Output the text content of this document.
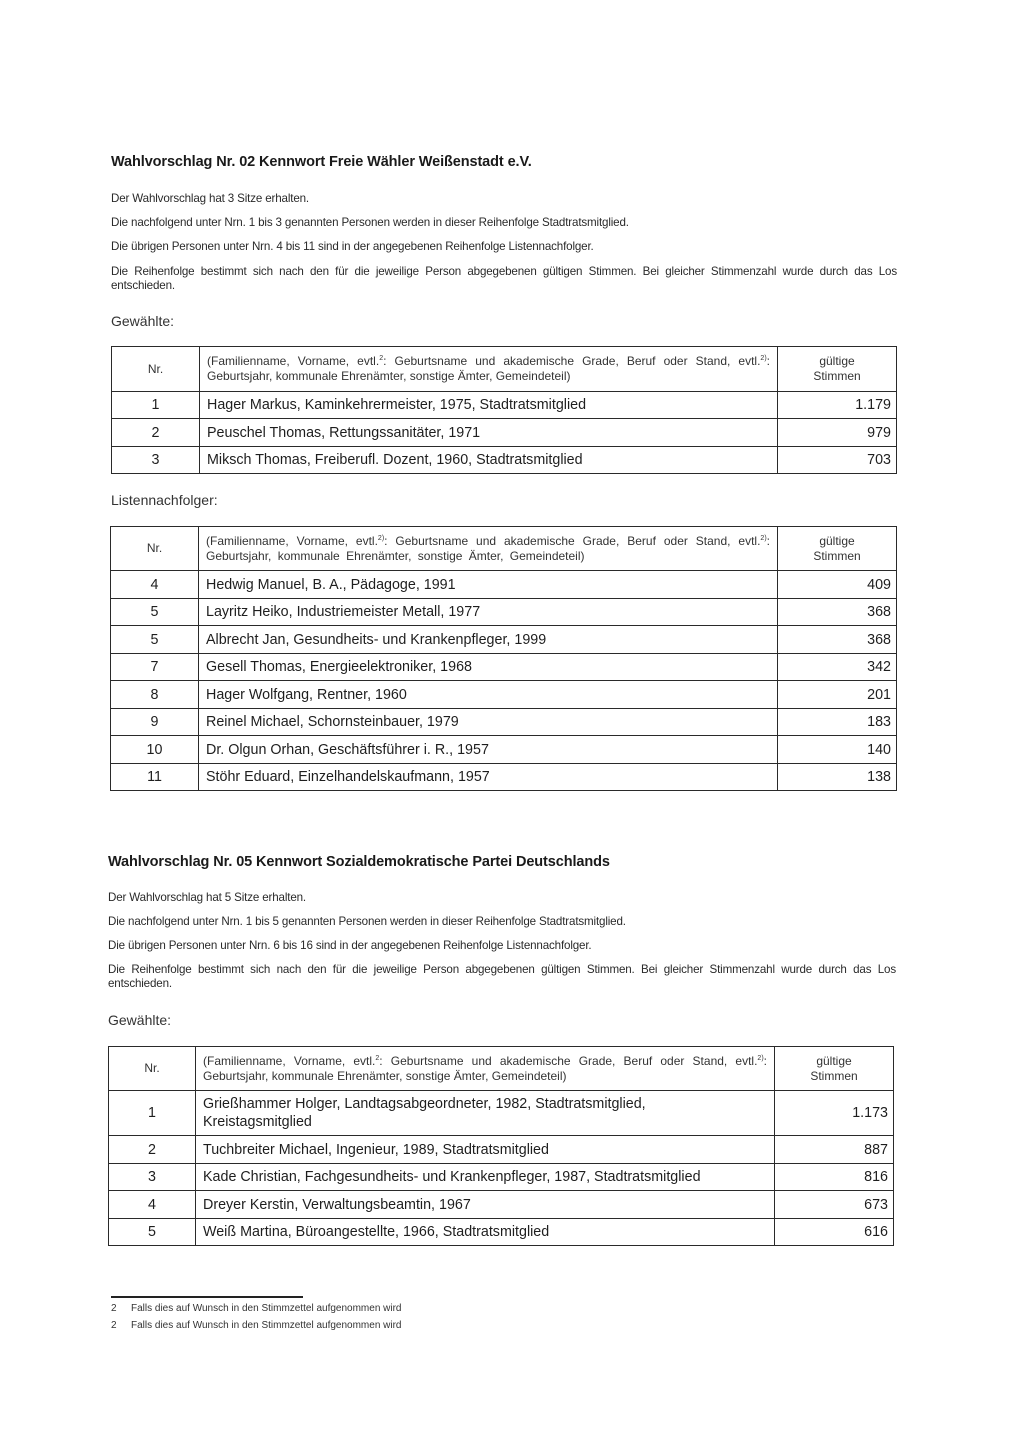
Wahlvorschlag Nr. 02 Kennwort Freie Wähler Weißenstadt e.V.
Der Wahlvorschlag hat 3 Sitze erhalten.
Die nachfolgend unter Nrn. 1 bis 3 genannten Personen werden in dieser Reihenfolge Stadtratsmitglied.
Die übrigen Personen unter Nrn. 4 bis 11 sind in der angegebenen Reihenfolge Listennachfolger.
Die Reihenfolge bestimmt sich nach den für die jeweilige Person abgegebenen gültigen Stimmen. Bei gleicher Stimmenzahl wurde durch das Los entschieden.
Gewählte:
Nr.	(Familienname, Vorname, evtl.$^2$: Geburtsname und akademische Grade, Beruf oder Stand, evtl.$^{2)}$: Geburtsjahr, kommunale Ehrenämter, sonstige Ämter, Gemeindeteil)	gültige
Stimmen
1	Hager Markus, Kaminkehrermeister, 1975, Stadtratsmitglied	1.179
2	Peuschel Thomas, Rettungssanitäter, 1971	979
3	Miksch Thomas, Freiberufl. Dozent, 1960, Stadtratsmitglied	703
Listennachfolger:
Nr.	(Familienname, Vorname, evtl.$^{2)}$: Geburtsname und akademische Grade, Beruf oder Stand, evtl.$^{2)}$: Geburtsjahr, kommunale Ehrenämter, sonstige Ämter, Gemeindeteil)	gültige
Stimmen
4	Hedwig Manuel, B. A., Pädagoge, 1991	409
5	Layritz Heiko, Industriemeister Metall, 1977	368
5	Albrecht Jan, Gesundheits- und Krankenpfleger, 1999	368
7	Gesell Thomas, Energieelektroniker, 1968	342
8	Hager Wolfgang, Rentner, 1960	201
9	Reinel Michael, Schornsteinbauer, 1979	183
10	Dr. Olgun Orhan, Geschäftsführer i. R., 1957	140
11	Stöhr Eduard, Einzelhandelskaufmann, 1957	138
Wahlvorschlag Nr. 05 Kennwort Sozialdemokratische Partei Deutschlands
Der Wahlvorschlag hat 5 Sitze erhalten.
Die nachfolgend unter Nrn. 1 bis 5 genannten Personen werden in dieser Reihenfolge Stadtratsmitglied.
Die übrigen Personen unter Nrn. 6 bis 16 sind in der angegebenen Reihenfolge Listennachfolger.
Die Reihenfolge bestimmt sich nach den für die jeweilige Person abgegebenen gültigen Stimmen. Bei gleicher Stimmenzahl wurde durch das Los entschieden.
Gewählte:
Nr.	(Familienname, Vorname, evtl.$^2$: Geburtsname und akademische Grade, Beruf oder Stand, evtl.$^{2)}$: Geburtsjahr, kommunale Ehrenämter, sonstige Ämter, Gemeindeteil)	gültige
Stimmen
1	Grießhammer Holger, Landtagsabgeordneter, 1982, Stadtratsmitglied,
Kreistagsmitglied	1.173
2	Tuchbreiter Michael, Ingenieur, 1989, Stadtratsmitglied	887
3	Kade Christian, Fachgesundheits- und Krankenpfleger, 1987, Stadtratsmitglied	816
4	Dreyer Kerstin, Verwaltungsbeamtin, 1967	673
5	Weiß Martina, Büroangestellte, 1966, Stadtratsmitglied	616
2 Falls dies auf Wunsch in den Stimmzettel aufgenommen wird
2 Falls dies auf Wunsch in den Stimmzettel aufgenommen wird
